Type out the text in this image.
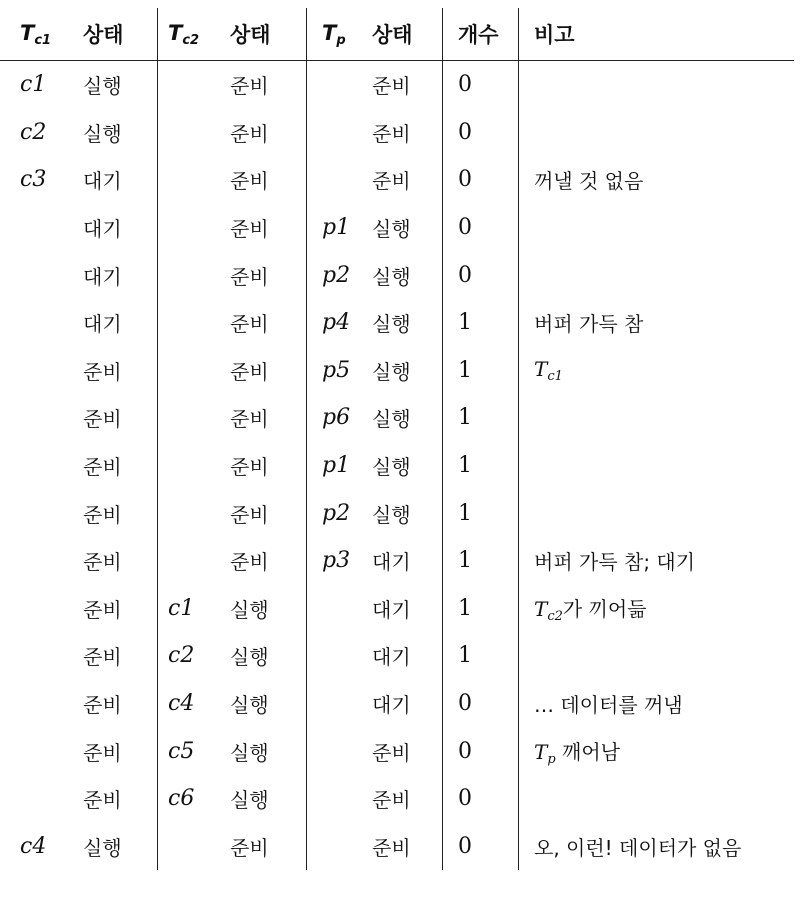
$T_{c1}$	상태	$T_{c2}$	상태	$T_p$	상태	개수	비고
c1	실행		준비		준비	0	
c2	실행		준비		준비	0	
c3	대기		준비		준비	0	꺼낼 것 없음
	대기		준비	p1	실행	0	
	대기		준비	p2	실행	0	
	대기		준비	p4	실행	1	버퍼 가득 참
	준비		준비	p5	실행	1	$T_{c1}$
	준비		준비	p6	실행	1	
	준비		준비	p1	실행	1	
	준비		준비	p2	실행	1	
	준비		준비	p3	대기	1	버퍼 가득 참; 대기
	준비	c1	실행		대기	1	$T_{c2}$가 끼어듦
	준비	c2	실행		대기	1	
	준비	c4	실행		대기	0	… 데이터를 꺼냄
	준비	c5	실행		준비	0	$T_p$ 깨어남
	준비	c6	실행		준비	0	
c4	실행		준비		준비	0	오, 이런! 데이터가 없음
